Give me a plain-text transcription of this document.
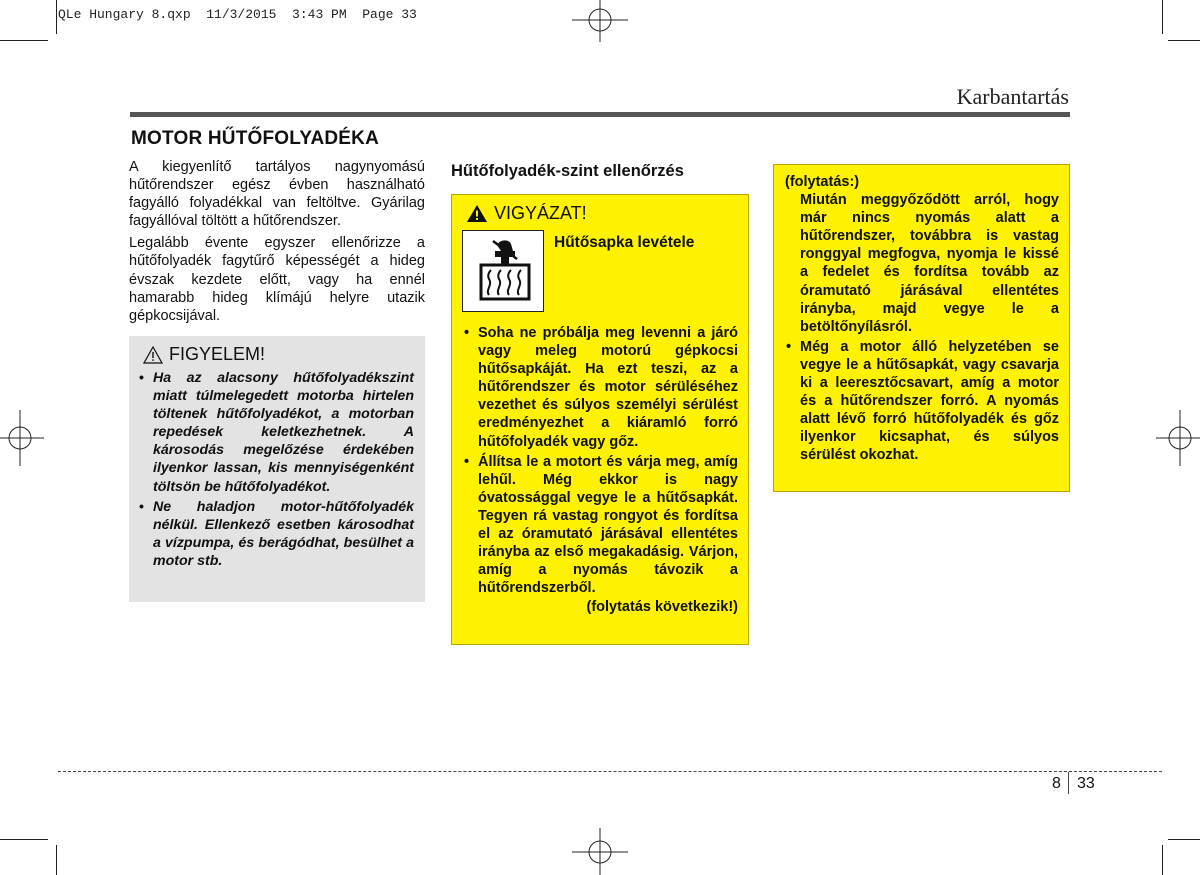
QLe Hungary 8.qxp  11/3/2015  3:43 PM  Page 33
Karbantartás
MOTOR HŰTŐFOLYADÉKA

A kiegyenlítő tartályos nagynyomású hűtőrendszer egész évben használható fagyálló folyadékkal van feltöltve. Gyárilag fagyállóval töltött a hűtőrendszer.

Legalább évente egyszer ellenőrizze a hűtőfolyadék fagytűrő képességét a hideg évszak kezdete előtt, vagy ha ennél hamarabb hideg klímájú helyre utazik gépkocsijával.

FIGYELEM!
• Ha az alacsony hűtőfolyadékszint miatt túlmelegedett motorba hirtelen töltenek hűtőfolyadékot, a motorban repedések keletkezhetnek. A károsodás megelőzése érdekében ilyenkor lassan, kis mennyiségenként töltsön be hűtőfolyadékot.
• Ne haladjon motor-hűtőfolyadék nélkül. Ellenkező esetben károsodhat a vízpumpa, és berágódhat, besülhet a motor stb.
Hűtőfolyadék-szint ellenőrzés
VIGYÁZAT!
Hűtősapka levétele
• Soha ne próbálja meg levenni a járó vagy meleg motorú gépkocsi hűtősapkáját. Ha ezt teszi, az a hűtőrendszer és motor sérüléséhez vezethet és súlyos személyi sérülést eredményezhet a kiáramló forró hűtőfolyadék vagy gőz.
• Állítsa le a motort és várja meg, amíg lehűl. Még ekkor is nagy óvatossággal vegye le a hűtősapkát. Tegyen rá vastag rongyot és fordítsa el az óramutató járásával ellentétes irányba az első megakadásig. Várjon, amíg a nyomás távozik a hűtőrendszerből.
(folytatás következik!)
(folytatás:)
Miután meggyőződött arról, hogy már nincs nyomás alatt a hűtőrendszer, továbbra is vastag ronggyal megfogva, nyomja le kissé a fedelet és fordítsa tovább az óramutató járásával ellentétes irányba, majd vegye le a betöltőnyílásról.
• Még a motor álló helyzetében se vegye le a hűtősapkát, vagy csavarja ki a leeresztőcsavart, amíg a motor és a hűtőrendszer forró. A nyomás alatt lévő forró hűtőfolyadék és gőz ilyenkor kicsaphat, és súlyos sérülést okozhat.
8 33
